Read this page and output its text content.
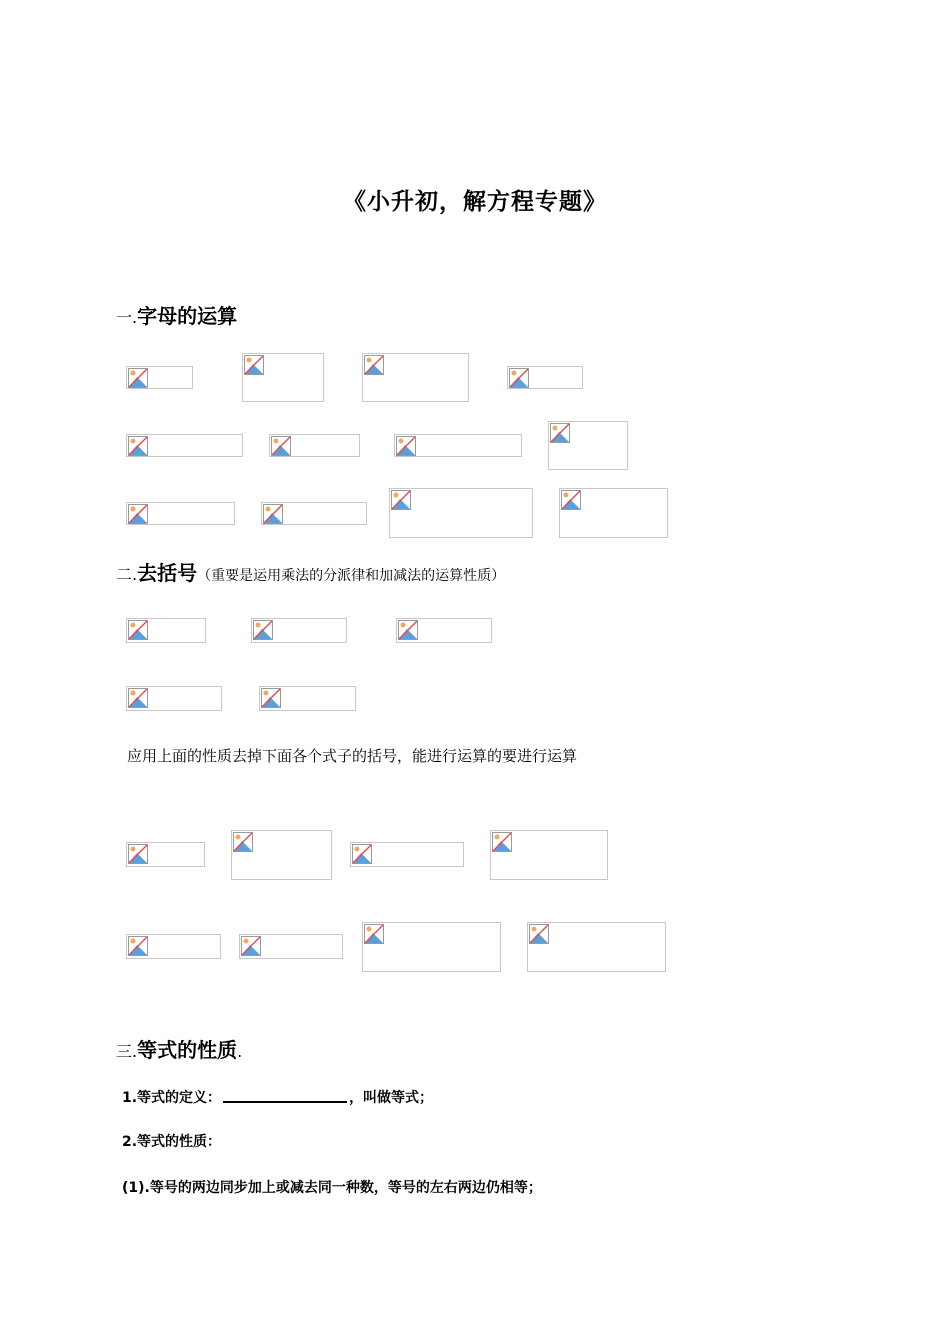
《小升初，解方程专题》
一.字母的运算
二.去括号（重要是运用乘法的分派律和加减法的运算性质）
应用上面的性质去掉下面各个式子的括号，能进行运算的要进行运算
三.等式的性质.
1.等式的定义：	，叫做等式；
2.等式的性质：
(1).等号的两边同步加上或减去同一种数，等号的左右两边仍相等；
